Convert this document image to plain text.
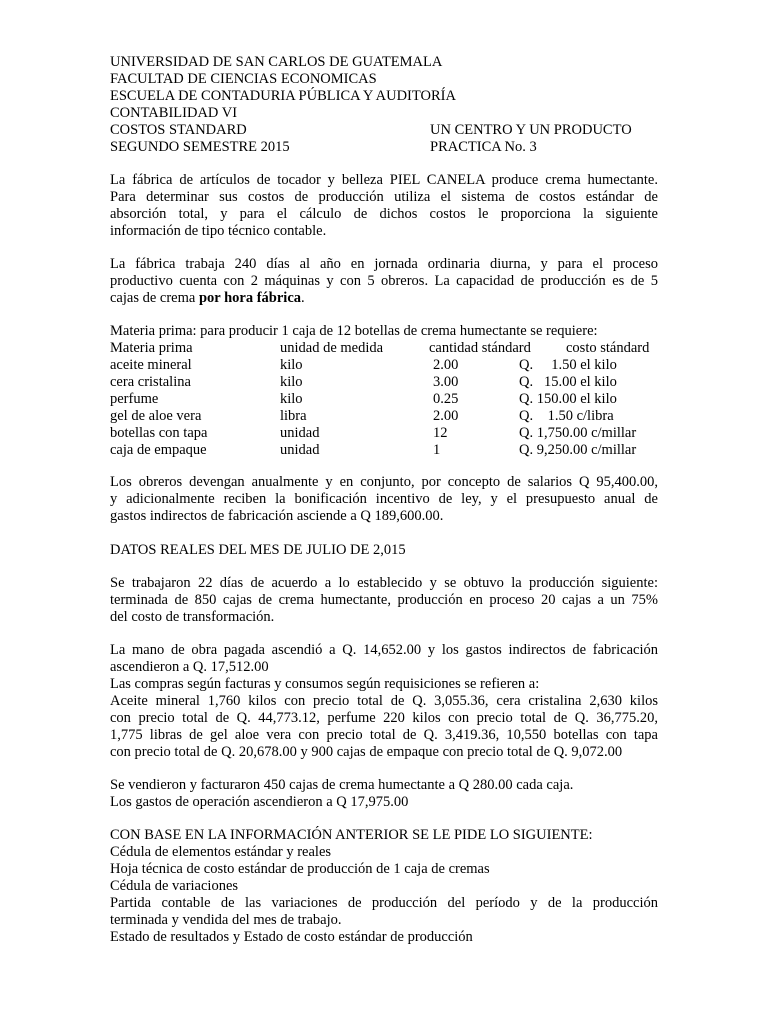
UNIVERSIDAD DE SAN CARLOS DE GUATEMALA
FACULTAD DE CIENCIAS ECONOMICAS
ESCUELA DE CONTADURIA PÚBLICA Y AUDITORÍA
CONTABILIDAD VI
COSTOS STANDARD	UN CENTRO Y UN PRODUCTO
SEGUNDO SEMESTRE 2015	PRACTICA No. 3
La fábrica de artículos de tocador y belleza PIEL CANELA produce crema humectante.
Para determinar sus costos de producción utiliza el sistema de costos estándar de
absorción total, y para el cálculo de dichos costos le proporciona la siguiente
información de tipo técnico contable.
La fábrica trabaja 240 días al año en jornada ordinaria diurna, y para el proceso
productivo cuenta con 2 máquinas y con 5 obreros. La capacidad de producción es de 5
cajas de crema por hora fábrica.
Materia prima: para producir 1 caja de 12 botellas de crema humectante se requiere:
Materia prima	unidad de medida	cantidad stándard costo stándard
aceite mineral	kilo	2.00	Q.     1.50 el kilo
cera cristalina	kilo	3.00	Q.   15.00 el kilo
perfume	kilo	0.25	Q. 150.00 el kilo
gel de aloe vera	libra	2.00	Q.    1.50 c/libra
botellas con tapa	unidad	12	Q. 1,750.00 c/millar
caja de empaque	unidad	1	Q. 9,250.00 c/millar
Los obreros devengan anualmente y en conjunto, por concepto de salarios Q 95,400.00,
y adicionalmente reciben la bonificación incentivo de ley, y el presupuesto anual de
gastos indirectos de fabricación asciende a Q 189,600.00.
DATOS REALES DEL MES DE JULIO DE 2,015
Se trabajaron 22 días de acuerdo a lo establecido y se obtuvo la producción siguiente:
terminada de 850 cajas de crema humectante, producción en proceso 20 cajas a un 75%
del costo de transformación.
La mano de obra pagada ascendió a Q. 14,652.00 y los gastos indirectos de fabricación
ascendieron a Q. 17,512.00
Las compras según facturas y consumos según requisiciones se refieren a:
Aceite mineral 1,760 kilos con precio total de Q. 3,055.36, cera cristalina 2,630 kilos
con precio total de Q. 44,773.12, perfume 220 kilos con precio total de Q. 36,775.20,
1,775 libras de gel aloe vera con precio total de Q. 3,419.36, 10,550 botellas con tapa
con precio total de Q. 20,678.00 y 900 cajas de empaque con precio total de Q. 9,072.00
Se vendieron y facturaron 450 cajas de crema humectante a Q 280.00 cada caja.
Los gastos de operación ascendieron a Q 17,975.00
CON BASE EN LA INFORMACIÓN ANTERIOR SE LE PIDE LO SIGUIENTE:
Cédula de elementos estándar y reales
Hoja técnica de costo estándar de producción de 1 caja de cremas
Cédula de variaciones
Partida contable de las variaciones de producción del período y de la producción
terminada y vendida del mes de trabajo.
Estado de resultados y Estado de costo estándar de producción
